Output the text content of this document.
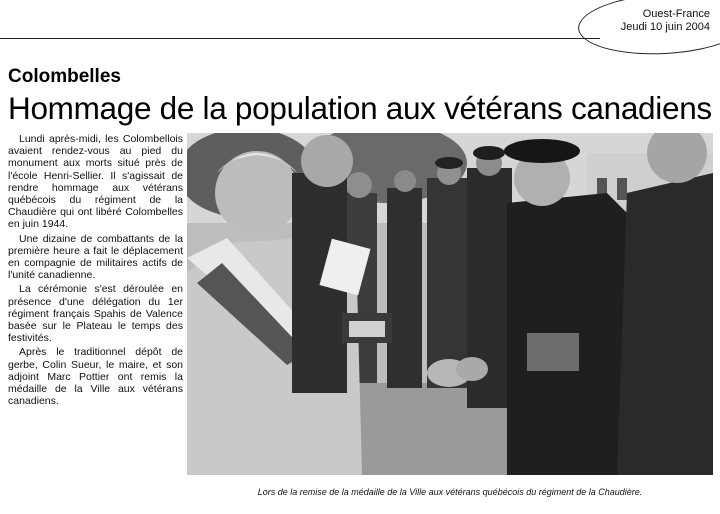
Ouest-France
Jeudi 10 juin 2004
Colombelles
Hommage de la population aux vétérans canadiens

Lundi après-midi, les Colombellois avaient rendez-vous au pied du monument aux morts situé près de l'école Henri-Sellier. Il s'agissait de rendre hommage aux vétérans québécois du régiment de la Chaudière qui ont libéré Colombelles en juin 1944.

Une dizaine de combattants de la première heure a fait le déplacement en compagnie de militaires actifs de l'unité canadienne.

La cérémonie s'est déroulée en présence d'une délégation du 1er régiment français Spahis de Valence basée sur le Plateau le temps des festivités.

Après le traditionnel dépôt de gerbe, Colin Sueur, le maire, et son adjoint Marc Pottier ont remis la médaille de la Ville aux vétérans canadiens.

Lors de la remise de la médaille de la Ville aux vétérans québécois du régiment de la Chaudière.
